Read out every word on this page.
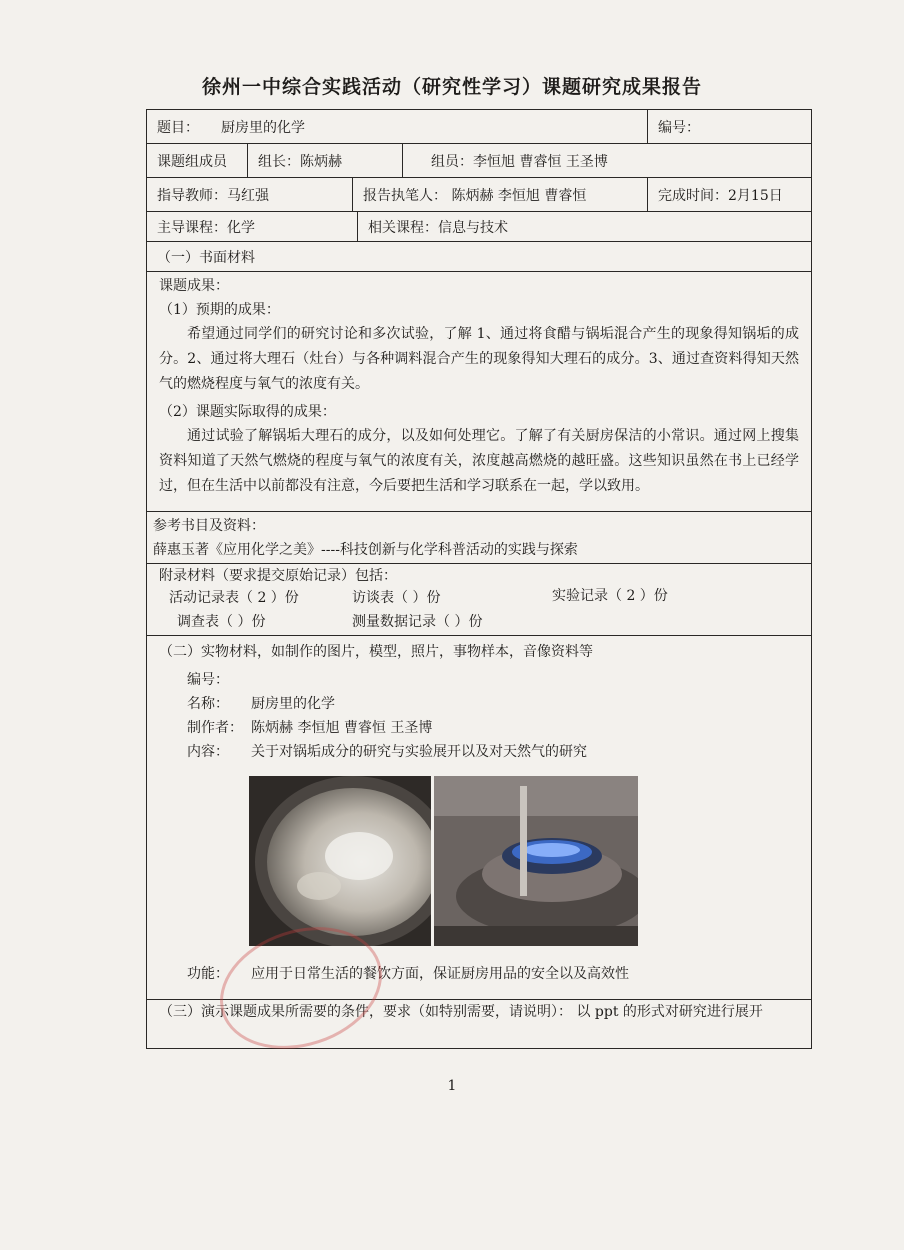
徐州一中综合实践活动（研究性学习）课题研究成果报告
题目： 厨房里的化学	编号：
课题组成员 组长：陈炳赫	组员：李恒旭 曹睿恒 王圣博
指导教师：马红强	报告执笔人： 陈炳赫 李恒旭 曹睿恒	完成时间：2月15日
主导课程：化学	相关课程：信息与技术
（一）书面材料
课题成果：
（1）预期的成果：
希望通过同学们的研究讨论和多次试验，了解 1、通过将食醋与锅垢混合产生的现象得知锅垢的成分。2、通过将大理石（灶台）与各种调料混合产生的现象得知大理石的成分。3、通过查资料得知天然气的燃烧程度与氧气的浓度有关。
（2）课题实际取得的成果：
通过试验了解锅垢大理石的成分，以及如何处理它。了解了有关厨房保洁的小常识。通过网上搜集资料知道了天然气燃烧的程度与氧气的浓度有关，浓度越高燃烧的越旺盛。这些知识虽然在书上已经学过，但在生活中以前都没有注意，今后要把生活和学习联系在一起，学以致用。
参考书目及资料：
薛惠玉著《应用化学之美》----科技创新与化学科普活动的实践与探索
附录材料（要求提交原始记录）包括：
活动记录表（ 2 ）份	访谈表（ ）份	实验记录（ 2 ）份
调查表（ ）份	测量数据记录（ ）份
（二）实物材料，如制作的图片，模型，照片，事物样本，音像资料等
编号：
名称： 厨房里的化学
制作者： 陈炳赫 李恒旭 曹睿恒 王圣博
内容： 关于对锅垢成分的研究与实验展开以及对天然气的研究
功能： 应用于日常生活的餐饮方面，保证厨房用品的安全以及高效性
（三）演示课题成果所需要的条件，要求（如特别需要，请说明）： 以 ppt 的形式对研究进行展开
1
